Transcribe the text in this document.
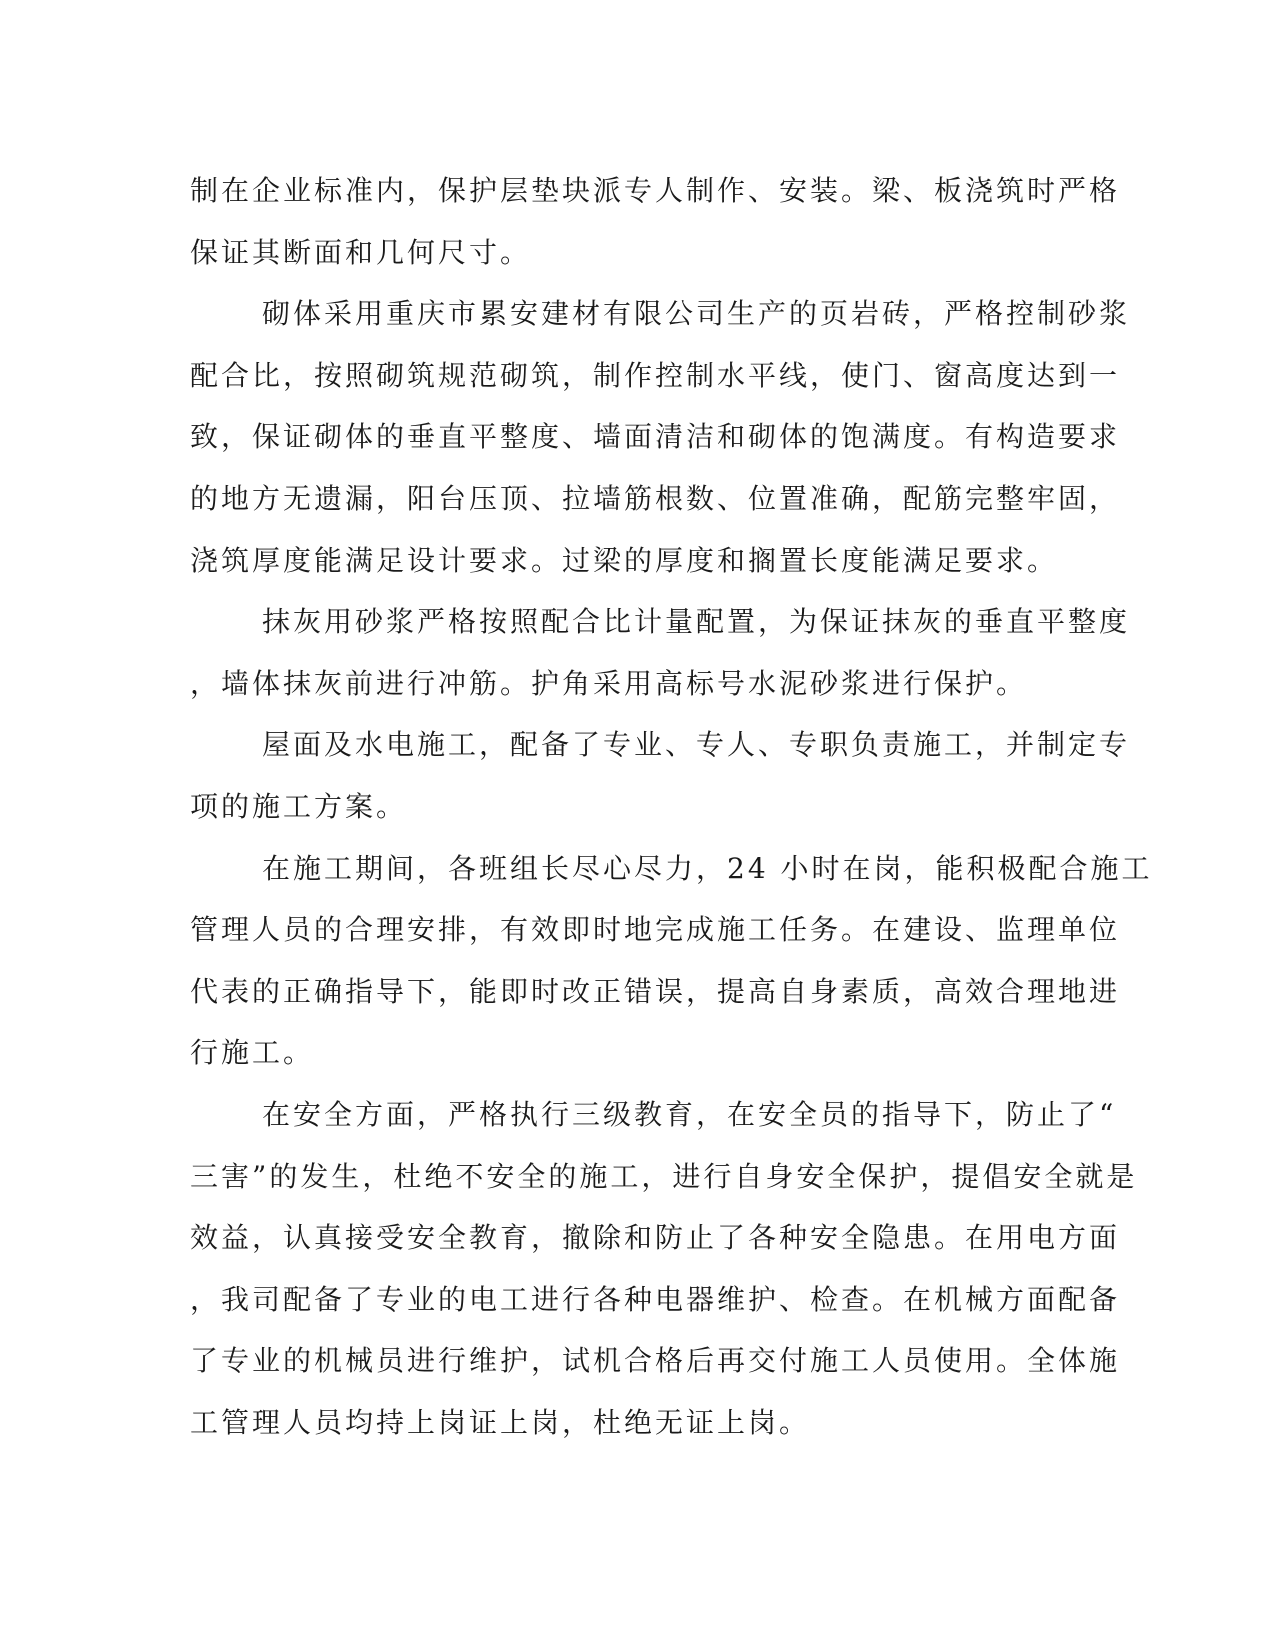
制在企业标准内，保护层垫块派专人制作、安装。梁、板浇筑时严格
保证其断面和几何尺寸。
砌体采用重庆市累安建材有限公司生产的页岩砖，严格控制砂浆
配合比，按照砌筑规范砌筑，制作控制水平线，使门、窗高度达到一
致，保证砌体的垂直平整度、墙面清洁和砌体的饱满度。有构造要求
的地方无遗漏，阳台压顶、拉墙筋根数、位置准确，配筋完整牢固，
浇筑厚度能满足设计要求。过梁的厚度和搁置长度能满足要求。
抹灰用砂浆严格按照配合比计量配置，为保证抹灰的垂直平整度
，墙体抹灰前进行冲筋。护角采用高标号水泥砂浆进行保护。
屋面及水电施工，配备了专业、专人、专职负责施工，并制定专
项的施工方案。
在施工期间，各班组长尽心尽力，24 小时在岗，能积极配合施工
管理人员的合理安排，有效即时地完成施工任务。在建设、监理单位
代表的正确指导下，能即时改正错误，提高自身素质，高效合理地进
行施工。
在安全方面，严格执行三级教育，在安全员的指导下，防止了“
三害”的发生，杜绝不安全的施工，进行自身安全保护，提倡安全就是
效益，认真接受安全教育，撤除和防止了各种安全隐患。在用电方面
，我司配备了专业的电工进行各种电器维护、检查。在机械方面配备
了专业的机械员进行维护，试机合格后再交付施工人员使用。全体施
工管理人员均持上岗证上岗，杜绝无证上岗。
